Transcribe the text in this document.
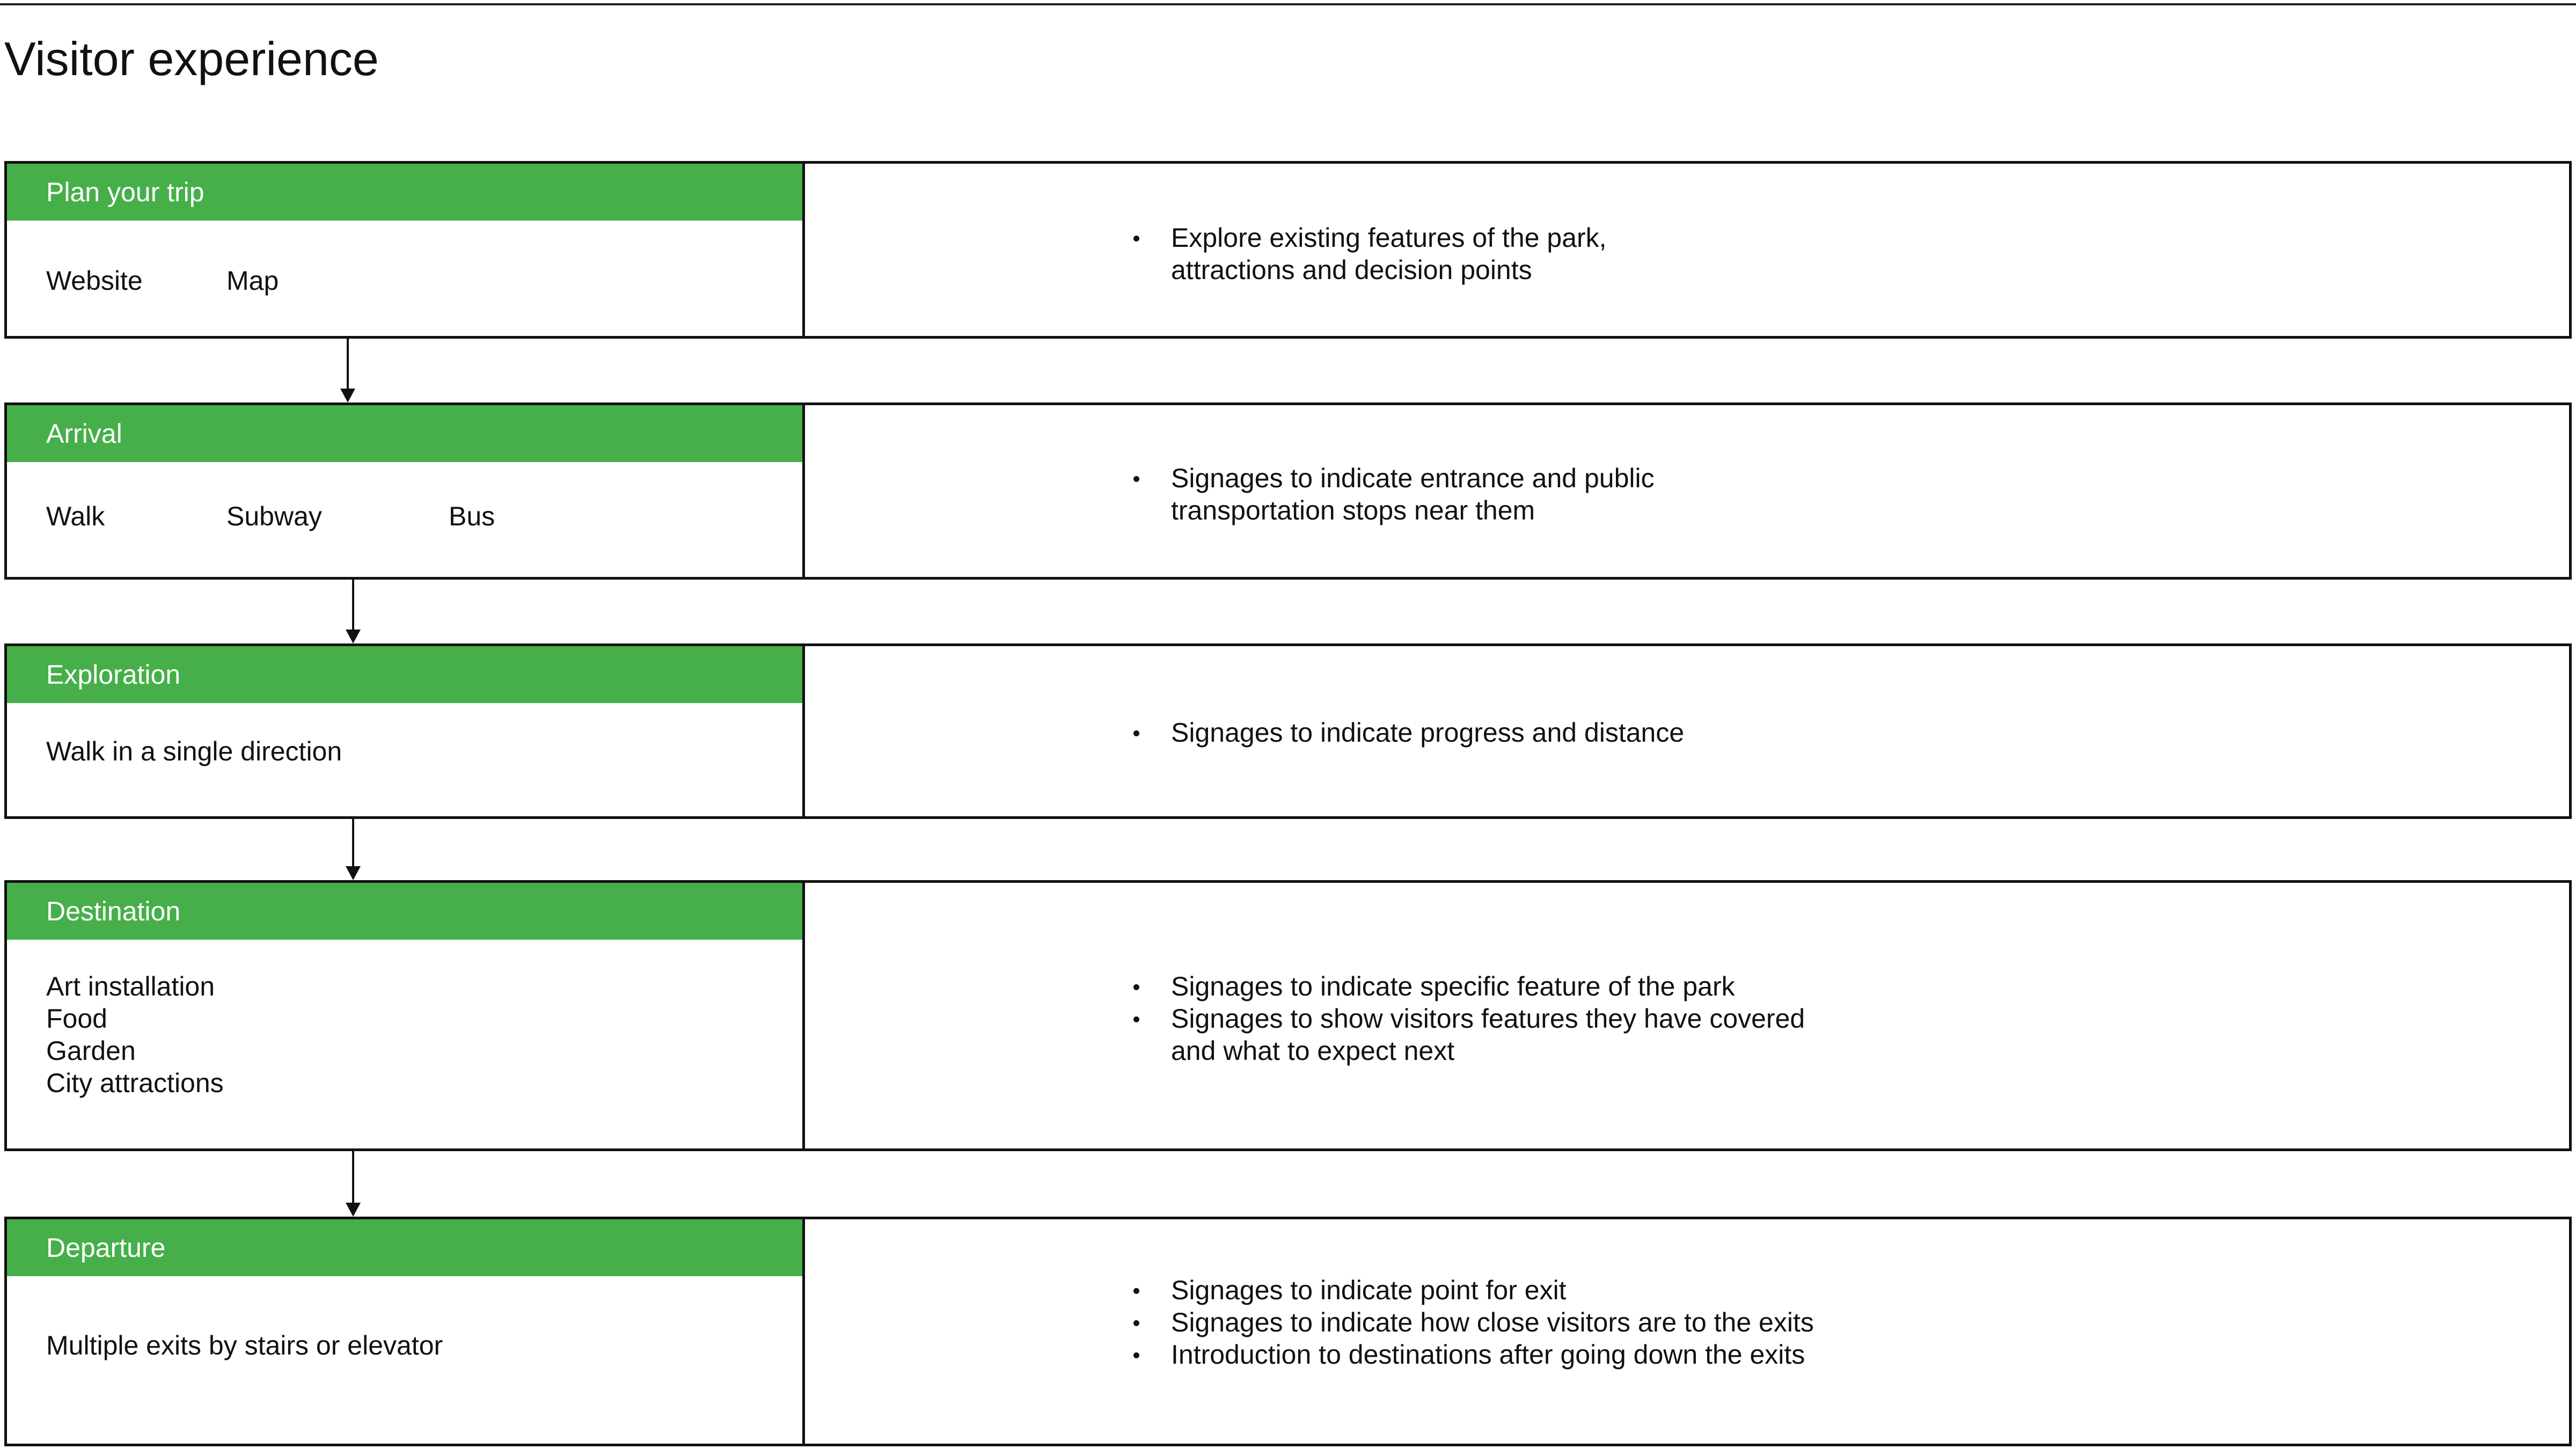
Visitor experience
Plan your trip
Website	Map
Explore existing features of the park, attractions and decision points
Arrival
Walk	Subway	Bus
Signages to indicate entrance and public transportation stops near them
Exploration
Walk in a single direction
Signages to indicate progress and distance
Destination
Art installation
Food
Garden
City attractions
Signages to indicate specific feature of the park
Signages to show visitors features they have covered and what to expect next
Departure
Multiple exits by stairs or elevator
Signages to indicate point for exit
Signages to indicate how close visitors are to the exits
Introduction to destinations after going down the exits
